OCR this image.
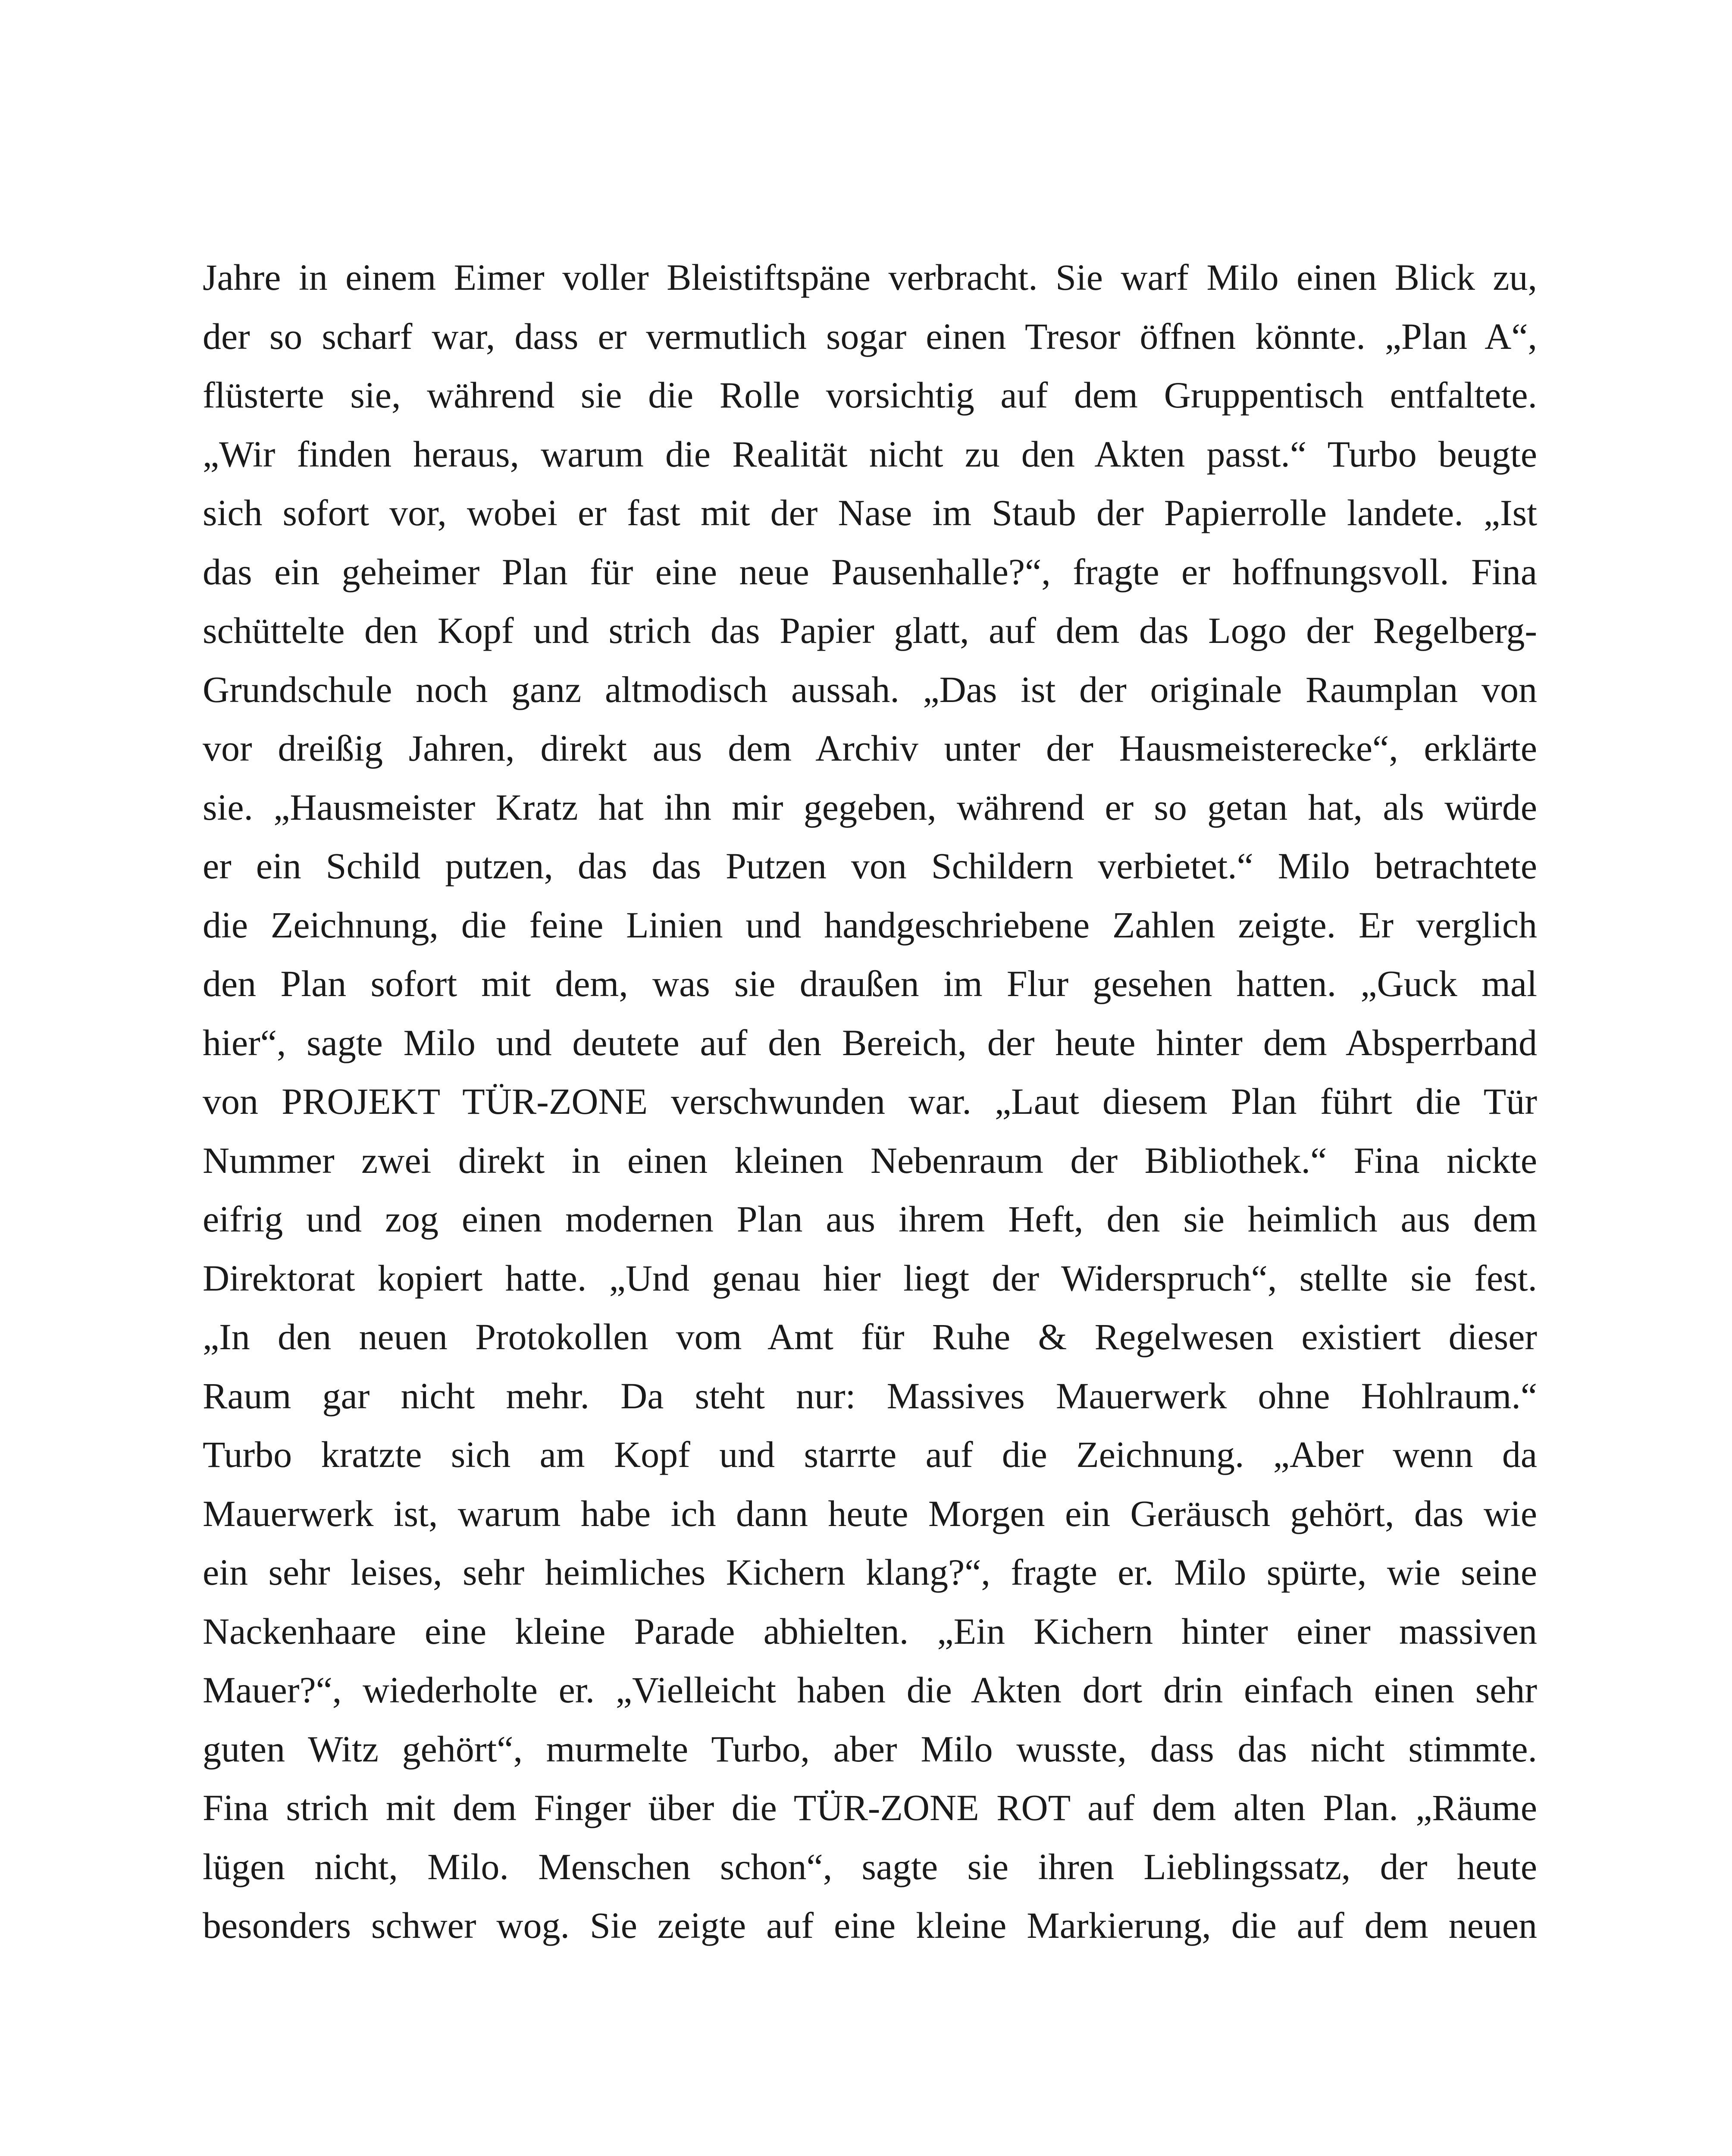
Jahre in einem Eimer voller Bleistiftspäne verbracht. Sie warf Milo einen Blick zu,
der so scharf war, dass er vermutlich sogar einen Tresor öffnen könnte. „Plan A“,
flüsterte sie, während sie die Rolle vorsichtig auf dem Gruppentisch entfaltete.
„Wir finden heraus, warum die Realität nicht zu den Akten passt.“ Turbo beugte
sich sofort vor, wobei er fast mit der Nase im Staub der Papierrolle landete. „Ist
das ein geheimer Plan für eine neue Pausenhalle?“, fragte er hoffnungsvoll. Fina
schüttelte den Kopf und strich das Papier glatt, auf dem das Logo der Regelberg-
Grundschule noch ganz altmodisch aussah. „Das ist der originale Raumplan von
vor dreißig Jahren, direkt aus dem Archiv unter der Hausmeisterecke“, erklärte
sie. „Hausmeister Kratz hat ihn mir gegeben, während er so getan hat, als würde
er ein Schild putzen, das das Putzen von Schildern verbietet.“ Milo betrachtete
die Zeichnung, die feine Linien und handgeschriebene Zahlen zeigte. Er verglich
den Plan sofort mit dem, was sie draußen im Flur gesehen hatten. „Guck mal
hier“, sagte Milo und deutete auf den Bereich, der heute hinter dem Absperrband
von PROJEKT TÜR-ZONE verschwunden war. „Laut diesem Plan führt die Tür
Nummer zwei direkt in einen kleinen Nebenraum der Bibliothek.“ Fina nickte
eifrig und zog einen modernen Plan aus ihrem Heft, den sie heimlich aus dem
Direktorat kopiert hatte. „Und genau hier liegt der Widerspruch“, stellte sie fest.
„In den neuen Protokollen vom Amt für Ruhe & Regelwesen existiert dieser
Raum gar nicht mehr. Da steht nur: Massives Mauerwerk ohne Hohlraum.“
Turbo kratzte sich am Kopf und starrte auf die Zeichnung. „Aber wenn da
Mauerwerk ist, warum habe ich dann heute Morgen ein Geräusch gehört, das wie
ein sehr leises, sehr heimliches Kichern klang?“, fragte er. Milo spürte, wie seine
Nackenhaare eine kleine Parade abhielten. „Ein Kichern hinter einer massiven
Mauer?“, wiederholte er. „Vielleicht haben die Akten dort drin einfach einen sehr
guten Witz gehört“, murmelte Turbo, aber Milo wusste, dass das nicht stimmte.
Fina strich mit dem Finger über die TÜR-ZONE ROT auf dem alten Plan. „Räume
lügen nicht, Milo. Menschen schon“, sagte sie ihren Lieblingssatz, der heute
besonders schwer wog. Sie zeigte auf eine kleine Markierung, die auf dem neuen
